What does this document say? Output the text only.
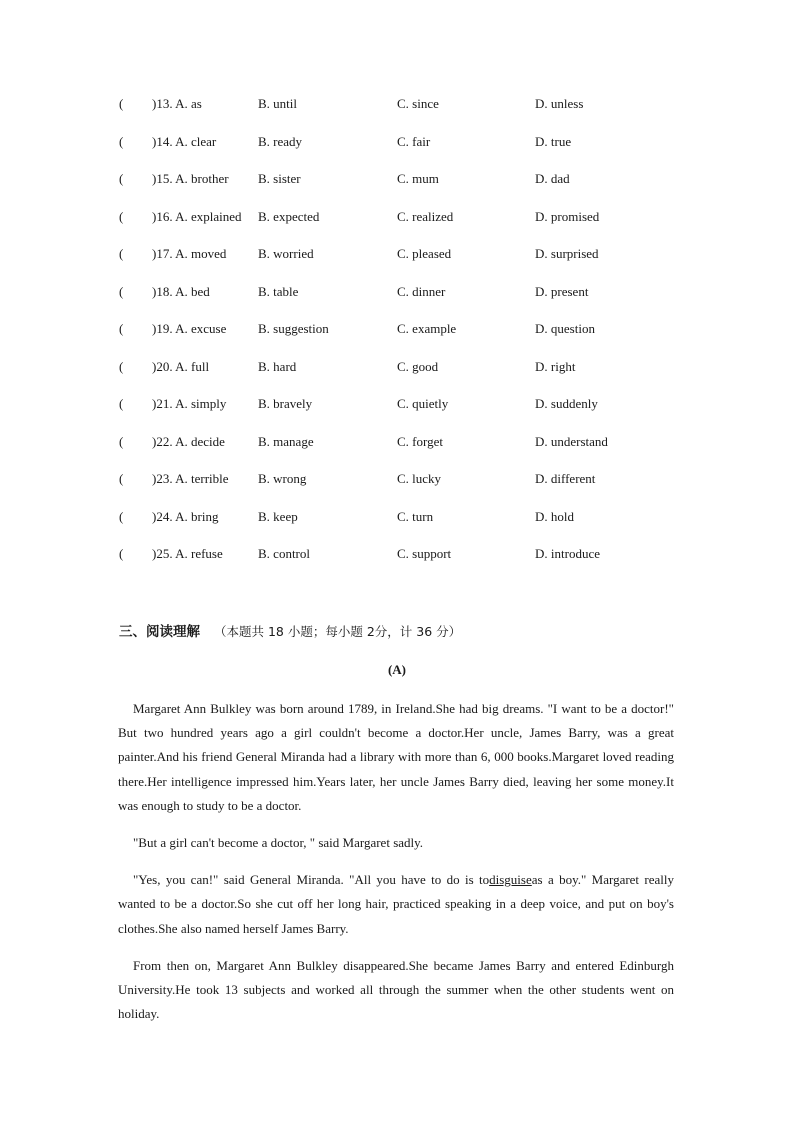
( )13. A. as	B. until	C. since	D. unless
( )14. A. clear	B. ready	C. fair	D. true
( )15. A. brother B. sister	C. mum	D. dad
( )16. A. explained B. expected	C. realized	D. promised
( )17. A. moved B. worried	C. pleased	D. surprised
( )18. A. bed	B. table	C. dinner	D. present
( )19. A. excuse B. suggestion	C. example	D. question
( )20. A. full	B. hard	C. good	D. right
( )21. A. simply B. bravely	C. quietly	D. suddenly
( )22. A. decide	B. manage	C. forget	D. understand
( )23. A. terrible B. wrong	C. lucky	D. different
( )24. A. bring	B. keep	C. turn	D. hold
( )25. A. refuse	B. control	C. support	D. introduce
三、阅读理解 （本题共 18 小题；每小题 2分，计 36 分）
(A)

Margaret Ann Bulkley was born around 1789, in Ireland.She had big dreams. "I want to be a doctor!" But two hundred years ago a girl couldn't become a doctor.Her uncle, James Barry, was a great painter.And his friend General Miranda had a library with more than 6, 000 books.Margaret loved reading there.Her intelligence impressed him.Years later, her uncle James Barry died, leaving her some money.It was enough to study to be a doctor.

"But a girl can't become a doctor, " said Margaret sadly.

"Yes, you can!" said General Miranda. "All you have to do is todisguiseas a boy." Margaret really wanted to be a doctor.So she cut off her long hair, practiced speaking in a deep voice, and put on boy's clothes.She also named herself James Barry.

From then on, Margaret Ann Bulkley disappeared.She became James Barry and entered Edinburgh University.He took 13 subjects and worked all through the summer when the other students went on holiday.
